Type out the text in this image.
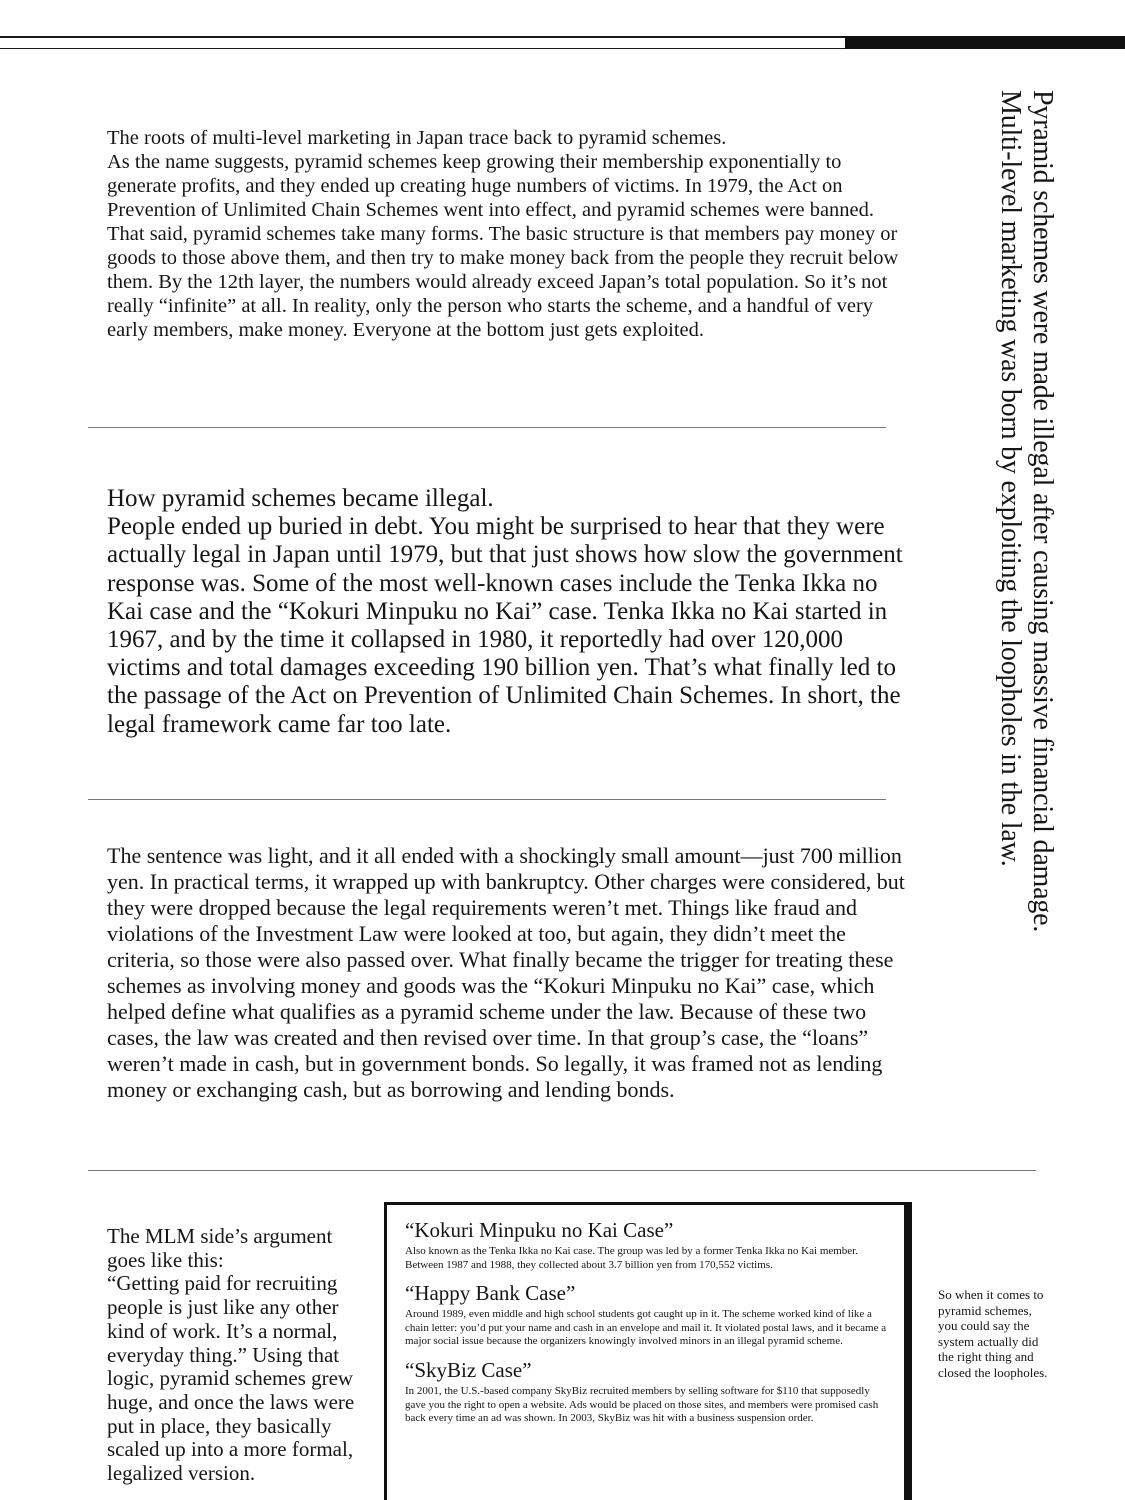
The roots of multi-level marketing in Japan trace back to pyramid schemes.

As the name suggests, pyramid schemes keep growing their membership exponentially to generate profits, and they ended up creating huge numbers of victims. In 1979, the Act on Prevention of Unlimited Chain Schemes went into effect, and pyramid schemes were banned. That said, pyramid schemes take many forms. The basic structure is that members pay money or goods to those above them, and then try to make money back from the people they recruit below them. By the 12th layer, the numbers would already exceed Japan’s total population. So it’s not really “infinite” at all. In reality, only the person who starts the scheme, and a handful of very early members, make money. Everyone at the bottom just gets exploited.

How pyramid schemes became illegal.

People ended up buried in debt. You might be surprised to hear that they were actually legal in Japan until 1979, but that just shows how slow the government response was. Some of the most well-known cases include the Tenka Ikka no Kai case and the “Kokuri Minpuku no Kai” case. Tenka Ikka no Kai started in 1967, and by the time it collapsed in 1980, it reportedly had over 120,000 victims and total damages exceeding 190 billion yen. That’s what finally led to the passage of the Act on Prevention of Unlimited Chain Schemes. In short, the legal framework came far too late.

The sentence was light, and it all ended with a shockingly small amount—just 700 million yen. In practical terms, it wrapped up with bankruptcy. Other charges were considered, but they were dropped because the legal requirements weren’t met. Things like fraud and violations of the Investment Law were looked at too, but again, they didn’t meet the criteria, so those were also passed over. What finally became the trigger for treating these schemes as involving money and goods was the “Kokuri Minpuku no Kai” case, which helped define what qualifies as a pyramid scheme under the law. Because of these two cases, the law was created and then revised over time. In that group’s case, the “loans” weren’t made in cash, but in government bonds. So legally, it was framed not as lending money or exchanging cash, but as borrowing and lending bonds.

Pyramid schemes were made illegal after causing massive financial damage.
Multi-level marketing was born by exploiting the loopholes in the law.

The MLM side’s argument goes like this:

“Getting paid for recruiting people is just like any other kind of work. It’s a normal, everyday thing.” Using that logic, pyramid schemes grew huge, and once the laws were put in place, they basically scaled up into a more formal, legalized version.

“Kokuri Minpuku no Kai Case”

Also known as the Tenka Ikka no Kai case. The group was led by a former Tenka Ikka no Kai member. Between 1987 and 1988, they collected about 3.7 billion yen from 170,552 victims.

“Happy Bank Case”

Around 1989, even middle and high school students got caught up in it. The scheme worked kind of like a chain letter: you’d put your name and cash in an envelope and mail it. It violated postal laws, and it became a major social issue because the organizers knowingly involved minors in an illegal pyramid scheme.

“SkyBiz Case”

In 2001, the U.S.-based company SkyBiz recruited members by selling software for $110 that supposedly gave you the right to open a website. Ads would be placed on those sites, and members were promised cash back every time an ad was shown. In 2003, SkyBiz was hit with a business suspension order.

So when it comes to pyramid schemes, you could say the system actually did the right thing and closed the loopholes.
